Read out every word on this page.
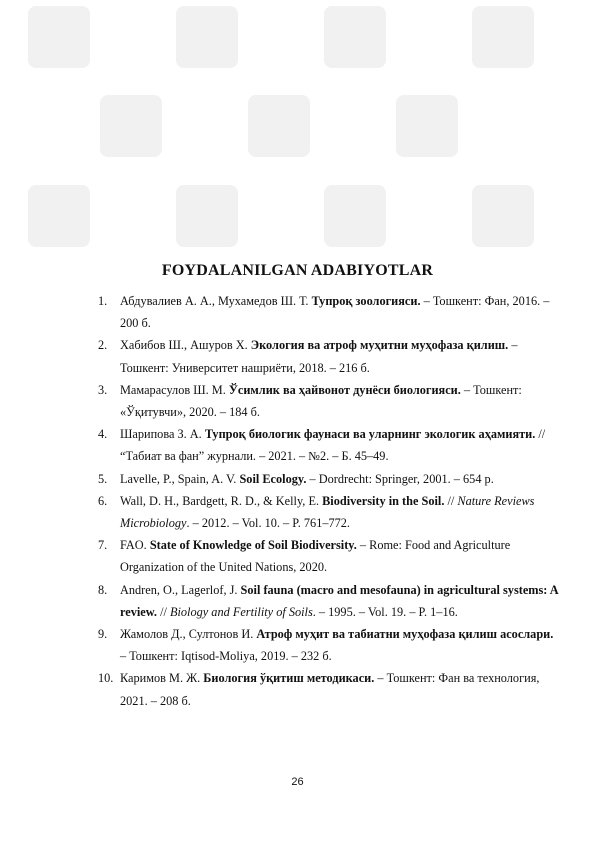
FOYDALANILGAN ADABIYOTLAR
1. Абдувалиев А. А., Мухамедов Ш. Т. Тупроқ зоологияси. – Тошкент: Фан, 2016. – 200 б.
2. Хабибов Ш., Ашуров Х. Экология ва атроф муҳитни муҳофаза қилиш. – Тошкент: Университет нашриёти, 2018. – 216 б.
3. Мамарасулов Ш. М. Ўсимлик ва ҳайвонот дунёси биологияси. – Тошкент: «Ўқитувчи», 2020. – 184 б.
4. Шарипова З. А. Тупроқ биологик фаунаси ва уларнинг экологик аҳамияти. // “Табиат ва фан” журнали. – 2021. – №2. – Б. 45–49.
5. Lavelle, P., Spain, A. V. Soil Ecology. – Dordrecht: Springer, 2001. – 654 p.
6. Wall, D. H., Bardgett, R. D., & Kelly, E. Biodiversity in the Soil. // Nature Reviews Microbiology. – 2012. – Vol. 10. – P. 761–772.
7. FAO. State of Knowledge of Soil Biodiversity. – Rome: Food and Agriculture Organization of the United Nations, 2020.
8. Andren, O., Lagerlof, J. Soil fauna (macro and mesofauna) in agricultural systems: A review. // Biology and Fertility of Soils. – 1995. – Vol. 19. – P. 1–16.
9. Жамолов Д., Султонов И. Атроф муҳит ва табиатни муҳофаза қилиш асослари. – Тошкент: Iqtisod-Moliya, 2019. – 232 б.
10. Каримов М. Ж. Биология ўқитиш методикаси. – Тошкент: Фан ва технология, 2021. – 208 б.
26
